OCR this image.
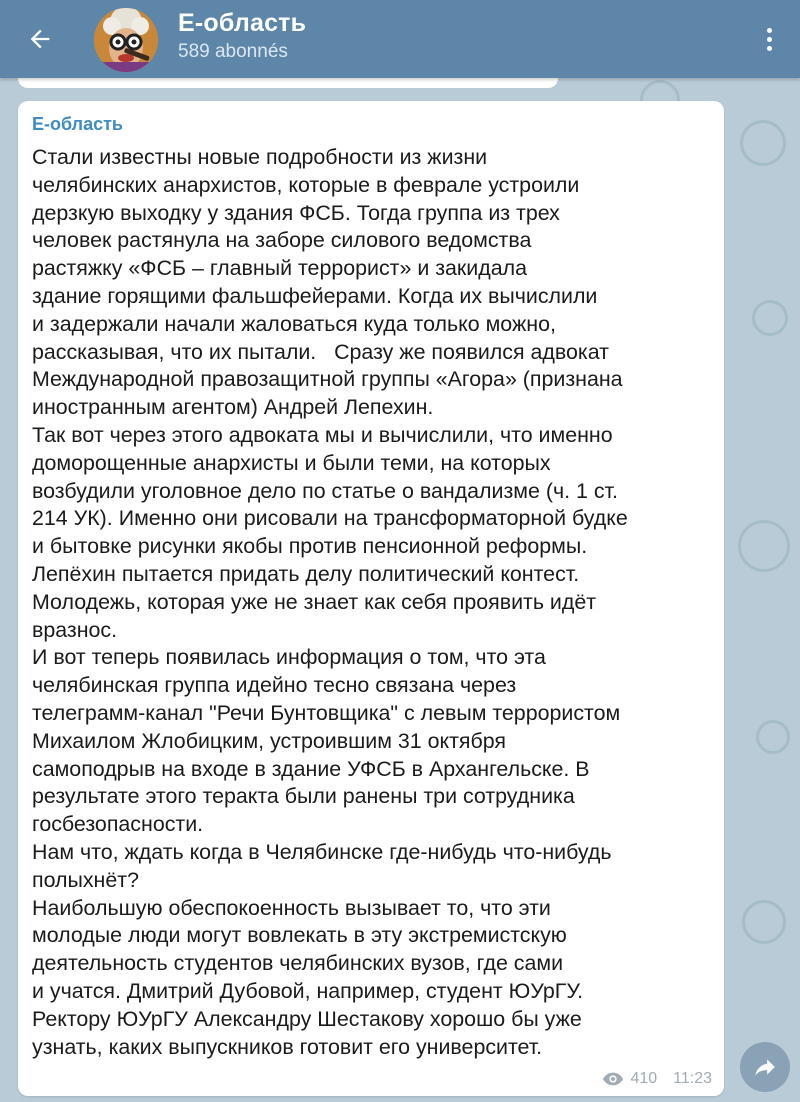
E-область
589 abonnés
E-область

Стали известны новые подробности из жизни
челябинских анархистов, которые в феврале устроили
дерзкую выходку у здания ФСБ. Тогда группа из трех
человек растянула на заборе силового ведомства
растяжку «ФСБ – главный террорист» и закидала
здание горящими фальшфейерами. Когда их вычислили
и задержали начали жаловаться куда только можно,
рассказывая, что их пытали.   Сразу же появился адвокат
Международной правозащитной группы «Агора» (признана
иностранным агентом) Андрей Лепехин.
Так вот через этого адвоката мы и вычислили, что именно
доморощенные анархисты и были теми, на которых
возбудили уголовное дело по статье о вандализме (ч. 1 ст.
214 УК). Именно они рисовали на трансформаторной будке
и бытовке рисунки якобы против пенсионной реформы.
Лепёхин пытается придать делу политический контест.
Молодежь, которая уже не знает как себя проявить идёт
вразнос.
И вот теперь появилась информация о том, что эта
челябинская группа идейно тесно связана через
телеграмм-канал "Речи Бунтовщика" с левым террористом
Михаилом Жлобицким, устроившим 31 октября
самоподрыв на входе в здание УФСБ в Архангельске. В
результате этого теракта были ранены три сотрудника
госбезопасности.
Нам что, ждать когда в Челябинске где-нибудь что-нибудь
полыхнёт?
Наибольшую обеспокоенность вызывает то, что эти
молодые люди могут вовлекать в эту экстремистскую
деятельность студентов челябинских вузов, где сами
и учатся. Дмитрий Дубовой, например, студент ЮУрГУ.
Ректору ЮУрГУ Александру Шестакову хорошо бы уже
узнать, каких выпускников готовит его университет.

410 11:23
